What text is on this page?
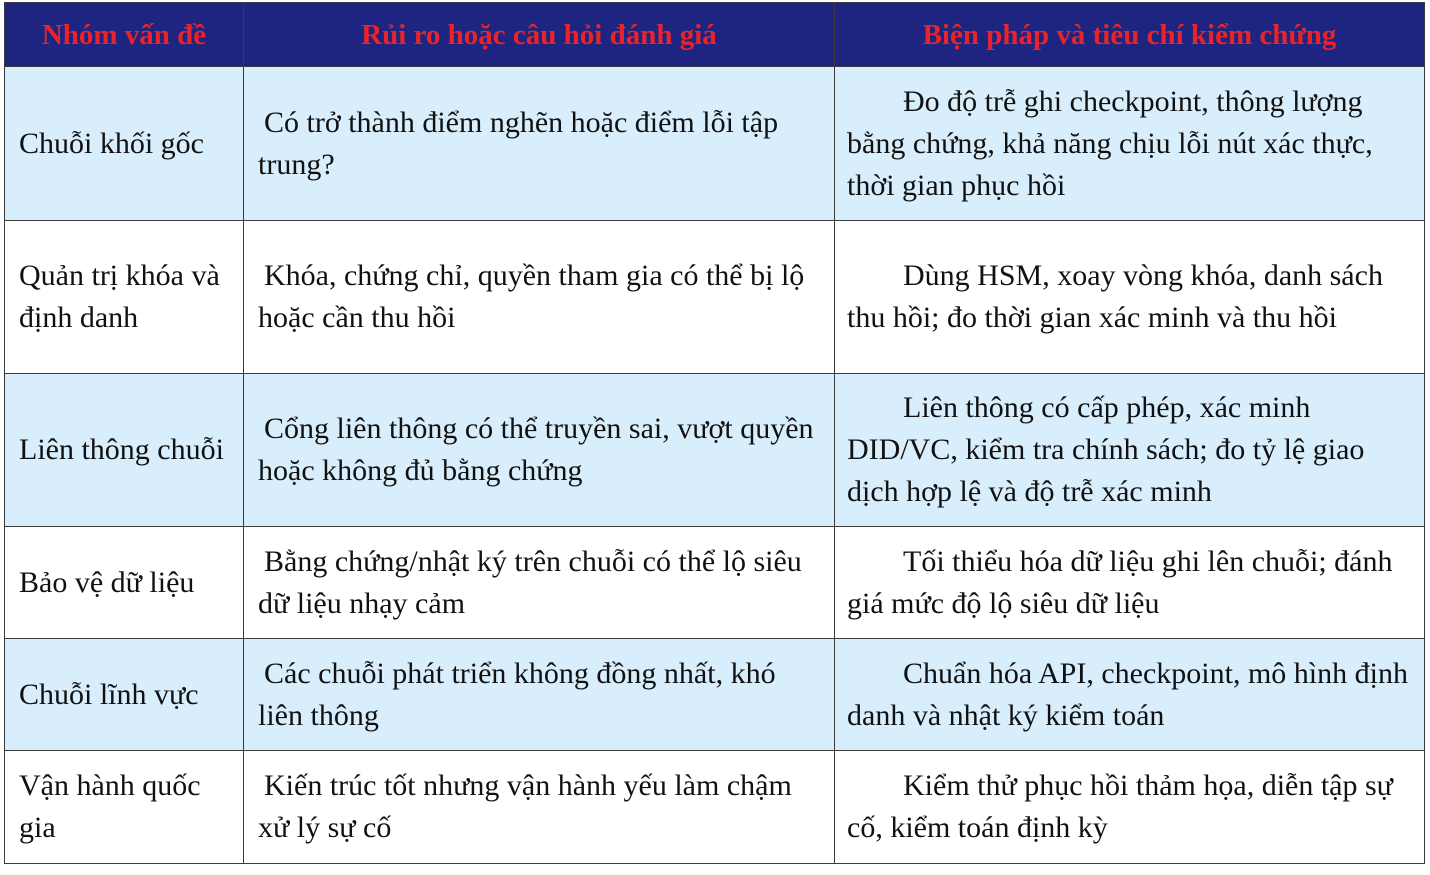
Nhóm vấn đề	Rủi ro hoặc câu hỏi đánh giá	Biện pháp và tiêu chí kiểm chứng
Chuỗi khối gốc	Có trở thành điểm nghẽn hoặc điểm lỗi tập trung?	Đo độ trễ ghi checkpoint, thông lượng bằng chứng, khả năng chịu lỗi nút xác thực, thời gian phục hồi
Quản trị khóa và định danh	Khóa, chứng chỉ, quyền tham gia có thể bị lộ hoặc cần thu hồi	Dùng HSM, xoay vòng khóa, danh sách thu hồi; đo thời gian xác minh và thu hồi
Liên thông chuỗi	Cổng liên thông có thể truyền sai, vượt quyền hoặc không đủ bằng chứng	Liên thông có cấp phép, xác minh DID/VC, kiểm tra chính sách; đo tỷ lệ giao dịch hợp lệ và độ trễ xác minh
Bảo vệ dữ liệu	Bằng chứng/nhật ký trên chuỗi có thể lộ siêu dữ liệu nhạy cảm	Tối thiểu hóa dữ liệu ghi lên chuỗi; đánh giá mức độ lộ siêu dữ liệu
Chuỗi lĩnh vực	Các chuỗi phát triển không đồng nhất, khó liên thông	Chuẩn hóa API, checkpoint, mô hình định danh và nhật ký kiểm toán
Vận hành quốc gia	Kiến trúc tốt nhưng vận hành yếu làm chậm xử lý sự cố	Kiểm thử phục hồi thảm họa, diễn tập sự cố, kiểm toán định kỳ
